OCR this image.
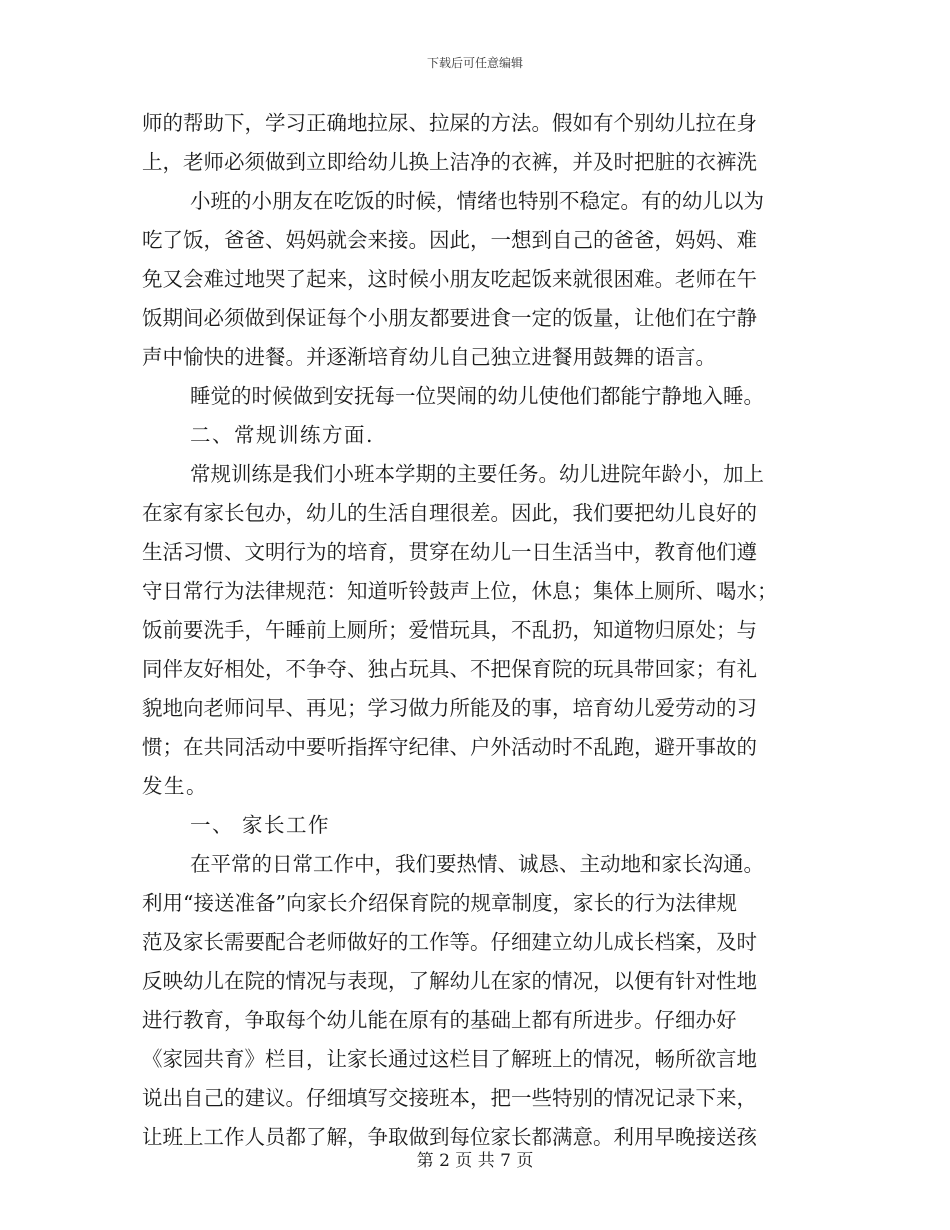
下载后可任意编辑
师的帮助下，学习正确地拉尿、拉屎的方法。假如有个别幼儿拉在身
上，老师必须做到立即给幼儿换上洁净的衣裤，并及时把脏的衣裤洗
小班的小朋友在吃饭的时候，情绪也特别不稳定。有的幼儿以为
吃了饭，爸爸、妈妈就会来接。因此，一想到自己的爸爸，妈妈、难
免又会难过地哭了起来，这时候小朋友吃起饭来就很困难。老师在午
饭期间必须做到保证每个小朋友都要进食一定的饭量，让他们在宁静
声中愉快的进餐。并逐渐培育幼儿自己独立进餐用鼓舞的语言。
睡觉的时候做到安抚每一位哭闹的幼儿使他们都能宁静地入睡。
二、常规训练方面.
常规训练是我们小班本学期的主要任务。幼儿进院年龄小，加上
在家有家长包办，幼儿的生活自理很差。因此，我们要把幼儿良好的
生活习惯、文明行为的培育，贯穿在幼儿一日生活当中，教育他们遵
守日常行为法律规范：知道听铃鼓声上位，休息；集体上厕所、喝水；
饭前要洗手，午睡前上厕所；爱惜玩具，不乱扔，知道物归原处；与
同伴友好相处，不争夺、独占玩具、不把保育院的玩具带回家；有礼
貌地向老师问早、再见；学习做力所能及的事，培育幼儿爱劳动的习
惯；在共同活动中要听指挥守纪律、户外活动时不乱跑，避开事故的
发生。
一、 家长工作
在平常的日常工作中，我们要热情、诚恳、主动地和家长沟通。
利用“接送准备”向家长介绍保育院的规章制度，家长的行为法律规
范及家长需要配合老师做好的工作等。仔细建立幼儿成长档案，及时
反映幼儿在院的情况与表现，了解幼儿在家的情况，以便有针对性地
进行教育，争取每个幼儿能在原有的基础上都有所进步。仔细办好
《家园共育》栏目，让家长通过这栏目了解班上的情况，畅所欲言地
说出自己的建议。仔细填写交接班本，把一些特别的情况记录下来，
让班上工作人员都了解，争取做到每位家长都满意。利用早晚接送孩
第 2 页 共 7 页
